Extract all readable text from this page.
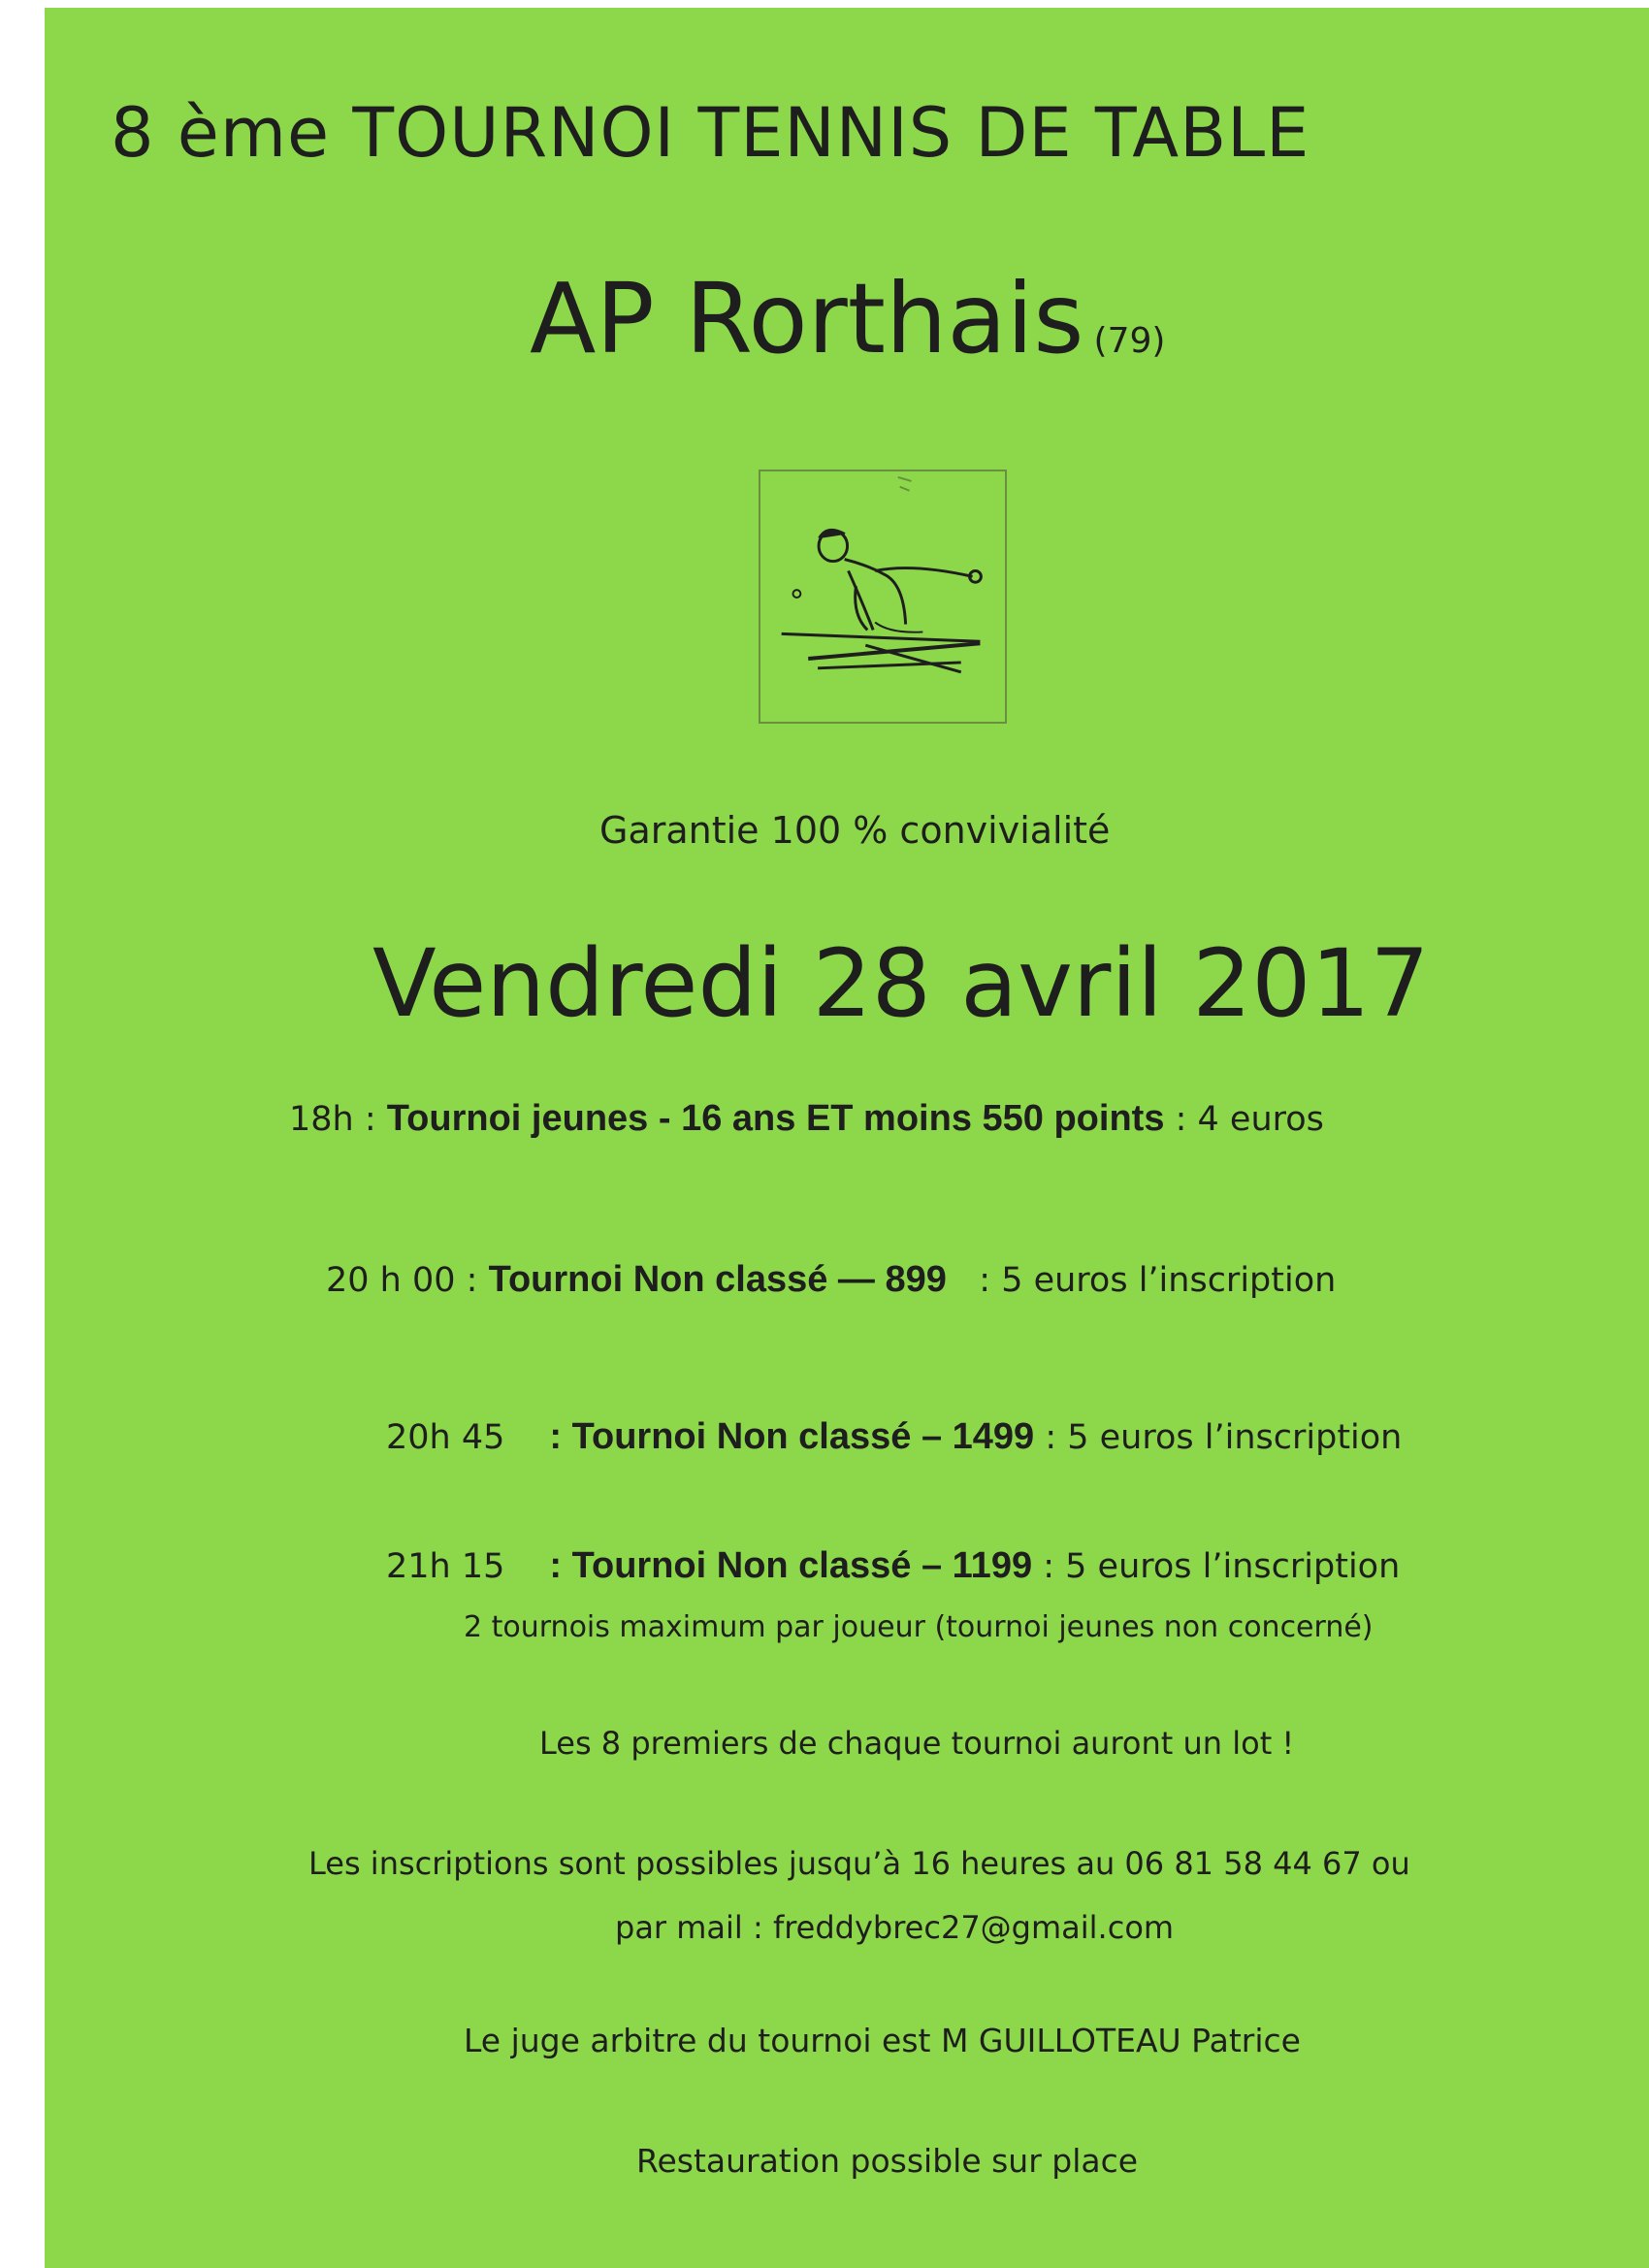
8 ème TOURNOI TENNIS DE TABLE

AP Rorthais (79)

Garantie 100 % convivialité

Vendredi 28 avril 2017

18h : Tournoi jeunes - 16 ans ET moins 550 points : 4 euros

20 h 00 : Tournoi Non classé — 899 : 5 euros l’inscription

20h 45 : Tournoi Non classé – 1499 : 5 euros l’inscription

21h 15 : Tournoi Non classé – 1199 : 5 euros l’inscription

2 tournois maximum par joueur (tournoi jeunes non concerné)

Les 8 premiers de chaque tournoi auront un lot !

Les inscriptions sont possibles jusqu’à 16 heures au 06 81 58 44 67 ou

par mail : freddybrec27@gmail.com

Le juge arbitre du tournoi est M GUILLOTEAU Patrice

Restauration possible sur place
